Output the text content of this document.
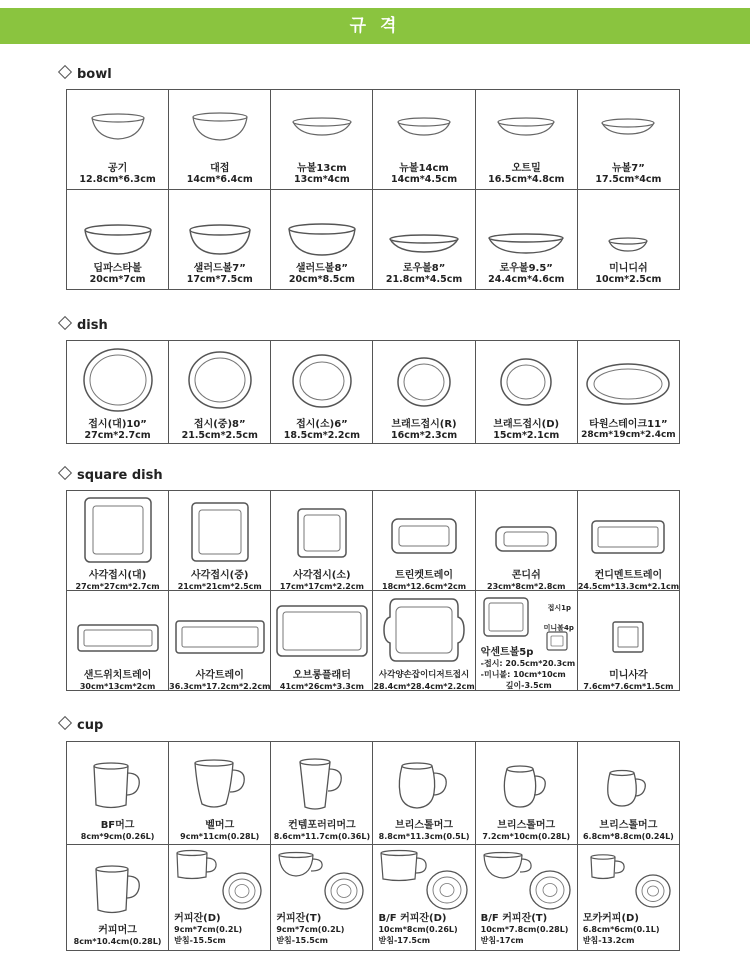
규 격
bowl
공기
12.8cm*6.3cm
대접
14cm*6.4cm
뉴볼13cm
13cm*4cm
뉴볼14cm
14cm*4.5cm
오트밀
16.5cm*4.8cm
뉴볼7”
17.5cm*4cm
딥파스타볼
20cm*7cm
샐러드볼7”
17cm*7.5cm
샐러드볼8”
20cm*8.5cm
로우볼8”
21.8cm*4.5cm
로우볼9.5”
24.4cm*4.6cm
미니디쉬
10cm*2.5cm
dish
접시(대)10”
27cm*2.7cm
접시(중)8”
21.5cm*2.5cm
접시(소)6”
18.5cm*2.2cm
브래드접시(R)
16cm*2.3cm
브래드접시(D)
15cm*2.1cm
타원스테이크11”
28cm*19cm*2.4cm
square dish
사각접시(대)
27cm*27cm*2.7cm
사각접시(중)
21cm*21cm*2.5cm
사각접시(소)
17cm*17cm*2.2cm
트린켓트레이
18cm*12.6cm*2cm
콘디쉬
23cm*8cm*2.8cm
컨디멘트트레이
24.5cm*13.3cm*2.1cm
샌드위치트레이
30cm*13cm*2cm
사각트레이
36.3cm*17.2cm*2.2cm
오브롱플래터
41cm*26cm*3.3cm
사각양손잡이디저트접시
28.4cm*28.4cm*2.2cm
접시1p
미니볼4p
악센트볼5p
-접시: 20.5cm*20.3cm
-미니볼: 10cm*10cm
깊이-3.5cm
미니사각
7.6cm*7.6cm*1.5cm
cup
BF머그
8cm*9cm(0.26L)
벨머그
9cm*11cm(0.28L)
컨템포러리머그
8.6cm*11.7cm(0.36L)
브리스톨머그
8.8cm*11.3cm(0.5L)
브리스톨머그
7.2cm*10cm(0.28L)
브리스톨머그
6.8cm*8.8cm(0.24L)
커피머그
8cm*10.4cm(0.28L)
커피잔(D)
9cm*7cm(0.2L)
받침-15.5cm
커피잔(T)
9cm*7cm(0.2L)
받침-15.5cm
B/F 커피잔(D)
10cm*8cm(0.26L)
받침-17.5cm
B/F 커피잔(T)
10cm*7.8cm(0.28L)
받침-17cm
모카커피(D)
6.8cm*6cm(0.1L)
받침-13.2cm
